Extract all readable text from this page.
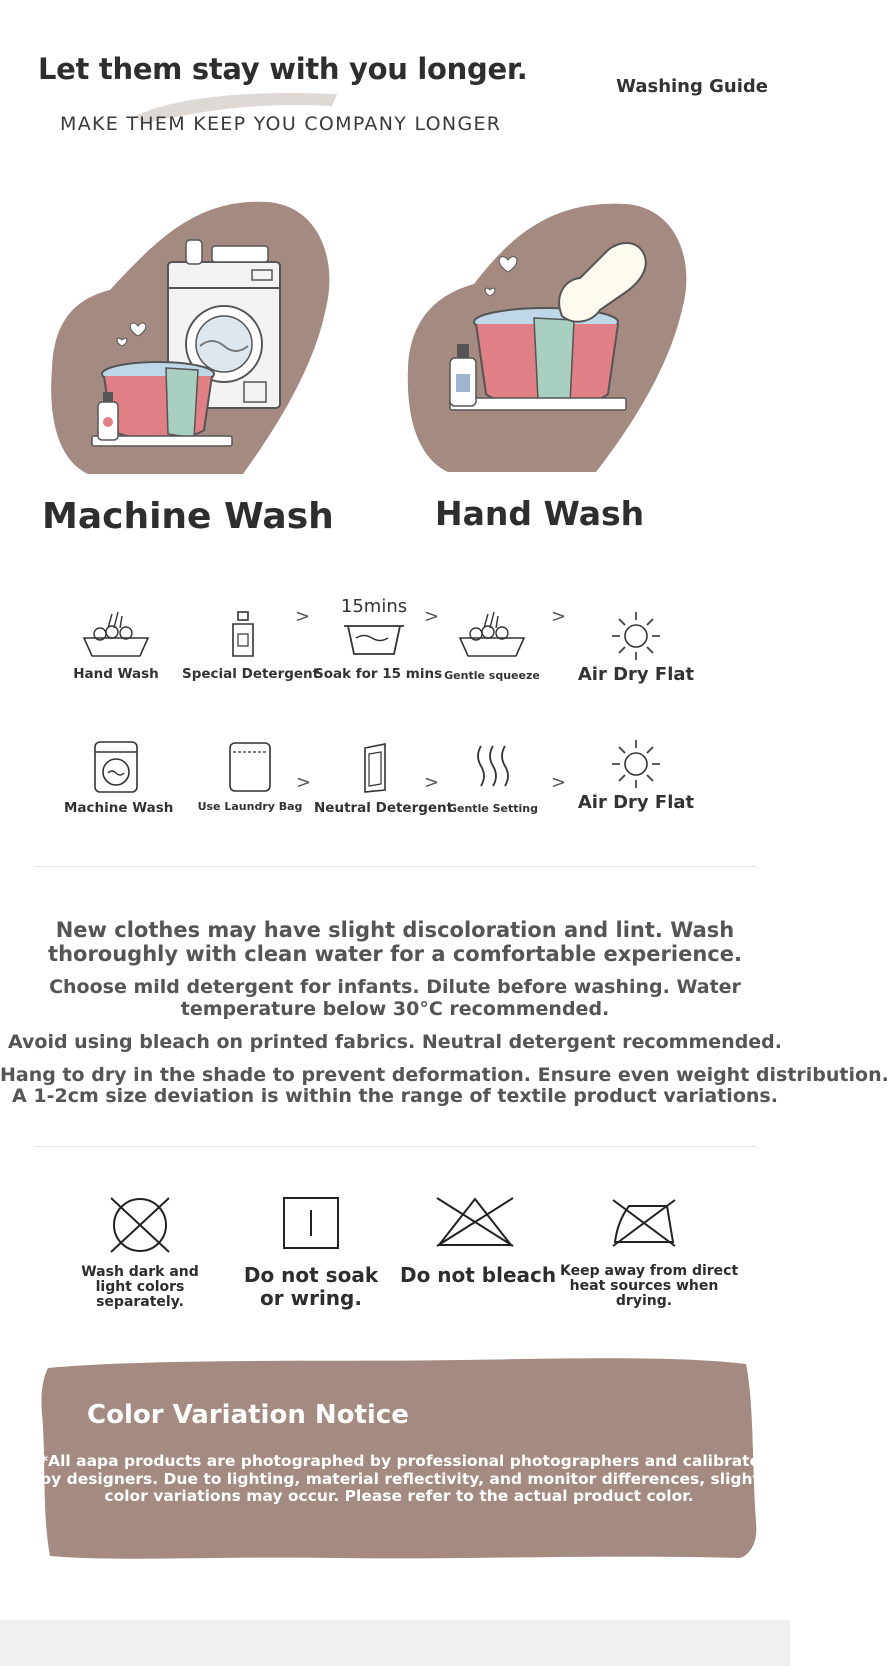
Let them stay with you longer.
MAKE THEM KEEP YOU COMPANY LONGER
Washing Guide
Machine Wash	Hand Wash
Hand Wash	Special Detergent
>	15mins
Soak for 15 mins
>
Gentle squeeze
>
Air Dry Flat
Machine Wash	Use Laundry Bag
>
Neutral Detergent
>
Gentle Setting
>
Air Dry Flat
New clothes may have slight discoloration and lint. Wash
thoroughly with clean water for a comfortable experience.
Choose mild detergent for infants. Dilute before washing. Water
temperature below 30°C recommended.
Avoid using bleach on printed fabrics. Neutral detergent recommended.
Hang to dry in the shade to prevent deformation. Ensure even weight distribution.
A 1-2cm size deviation is within the range of textile product variations.
Wash dark and
light colors
separately.
Do not soak
or wring.
Do not bleach Keep away from direct
heat sources when
drying.
Color Variation Notice
*All aapa products are photographed by professional photographers and calibrated
by designers. Due to lighting, material reflectivity, and monitor differences, slight
color variations may occur. Please refer to the actual product color.
